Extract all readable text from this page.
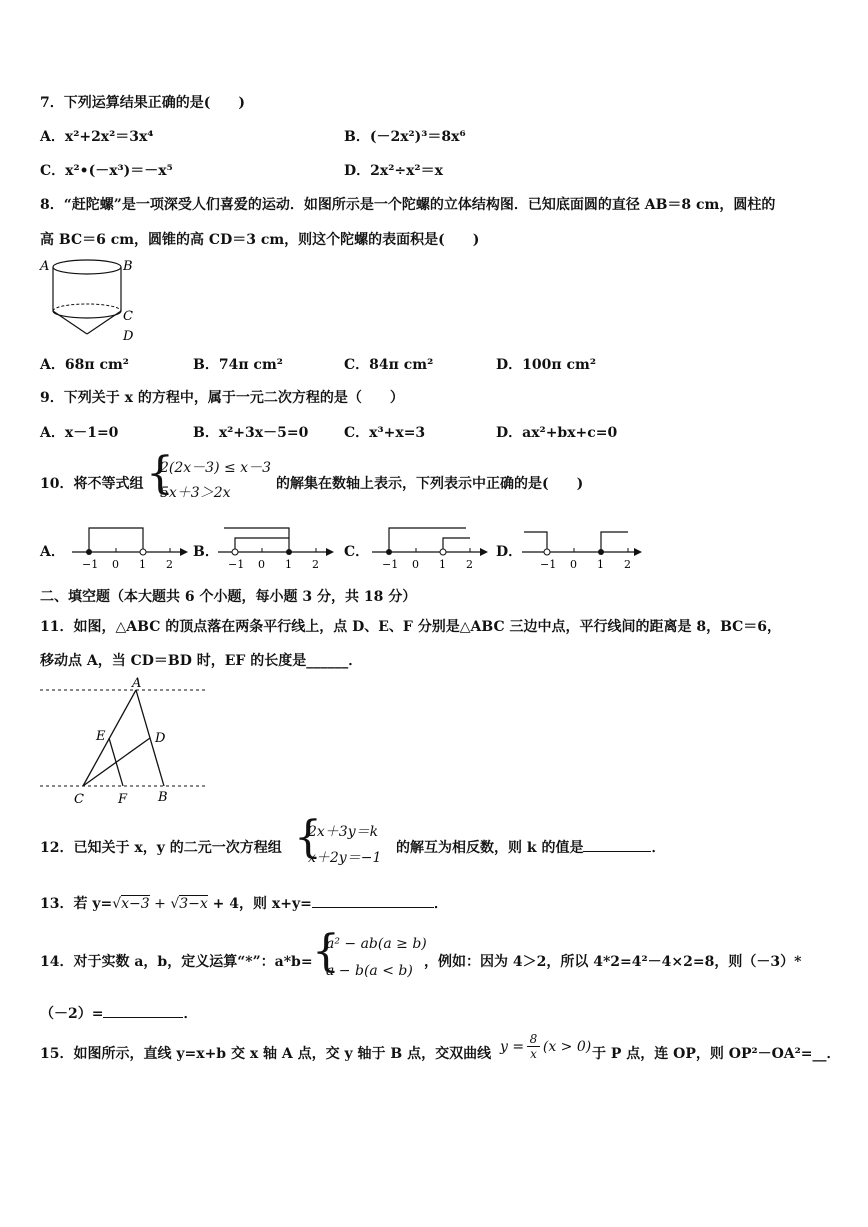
7．下列运算结果正确的是(　　)
A．x²+2x²＝3x⁴	B．(－2x²)³＝8x⁶
C．x²•(－x³)＝－x⁵	D．2x²÷x²＝x
8．“赶陀螺”是一项深受人们喜爱的运动．如图所示是一个陀螺的立体结构图．已知底面圆的直径 AB＝8 cm，圆柱的
高 BC＝6 cm，圆锥的高 CD＝3 cm，则这个陀螺的表面积是(　　)
A	B
C
D
A．68π cm²	B．74π cm²	C．84π cm²	D．100π cm²
9．下列关于 x 的方程中，属于一元二次方程的是（　　）
A．x－1=0	B．x²+3x－5=0	C．x³+x=3	D．ax²+bx+c=0
10．将不等式组 {
2(2x－3) ≤ x－3
5x＋3＞2x
的解集在数轴上表示，下列表示中正确的是(　　)
A．
−1 0 1 2
B．
−1 0 1 2
C．
−1 0 1 2
D．
−1 0 1 2
二、填空题（本大题共 6 个小题，每小题 3 分，共 18 分）
11．如图，△ABC 的顶点落在两条平行线上，点 D、E、F 分别是△ABC 三边中点，平行线间的距离是 8，BC＝6，
移动点 A，当 CD＝BD 时，EF 的长度是______．
A
E	D
C	F B
12．已知关于 x，y 的二元一次方程组 {
2x＋3y＝k
x＋2y＝−1
的解互为相反数，则 k 的值是	．
13．若 y=√x−3 + √3−x + 4，则 x+y=	．
14．对于实数 a，b，定义运算“*”：a*b= {
a² − ab(a ≥ b)
a − b(a < b)
，例如：因为 4＞2，所以 4*2=4²－4×2=8，则（－3）*
（－2）=	．
15．如图所示，直线 y=x+b 交 x 轴 A 点，交 y 轴于 B 点，交双曲线 $y = \frac{8}{x} (x > 0)$ 于 P 点，连 OP，则 OP²－OA²=__．
